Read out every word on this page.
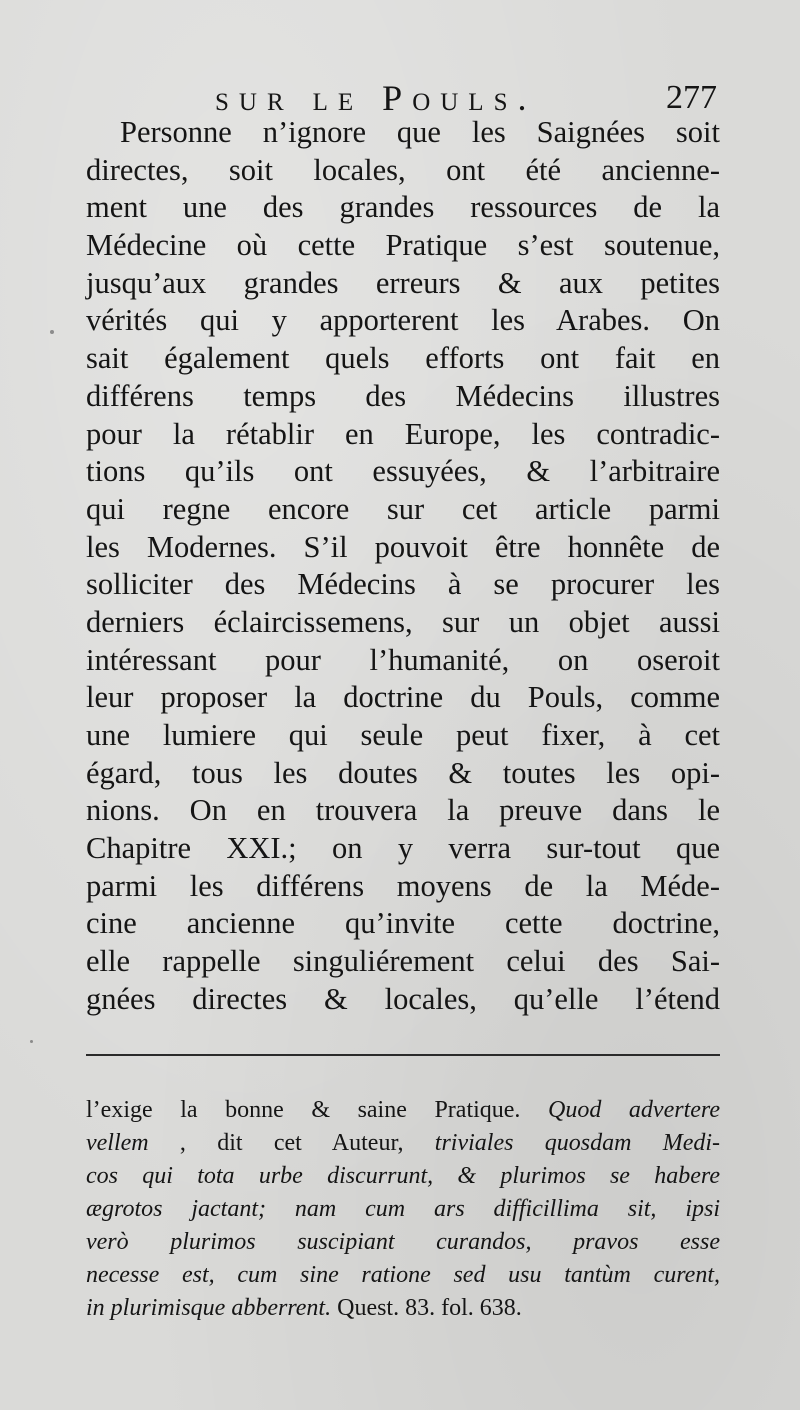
sur le Pouls.	277
Personne n’ignore que les Saignées soit
directes, soit locales, ont été ancienne-
ment une des grandes ressources de la
Médecine où cette Pratique s’est soutenue,
jusqu’aux grandes erreurs & aux petites
vérités qui y apporterent les Arabes. On
sait également quels efforts ont fait en
différens temps des Médecins illustres
pour la rétablir en Europe, les contradic-
tions qu’ils ont essuyées, & l’arbitraire
qui regne encore sur cet article parmi
les Modernes. S’il pouvoit être honnête de
solliciter des Médecins à se procurer les
derniers éclaircissemens, sur un objet aussi
intéressant pour l’humanité, on oseroit
leur proposer la doctrine du Pouls, comme
une lumiere qui seule peut fixer, à cet
égard, tous les doutes & toutes les opi-
nions. On en trouvera la preuve dans le
Chapitre XXI.; on y verra sur-tout que
parmi les différens moyens de la Méde-
cine ancienne qu’invite cette doctrine,
elle rappelle singuliérement celui des Sai-
gnées directes & locales, qu’elle l’étend
l’exige la bonne & saine Pratique. Quod advertere
vellem , dit cet Auteur, triviales quosdam Medi-
cos qui tota urbe discurrunt, & plurimos se habere
ægrotos jactant; nam cum ars difficillima sit, ipsi
verò plurimos suscipiant curandos, pravos esse
necesse est, cum sine ratione sed usu tantùm curent,
in plurimisque abberrent. Quest. 83. fol. 638.
